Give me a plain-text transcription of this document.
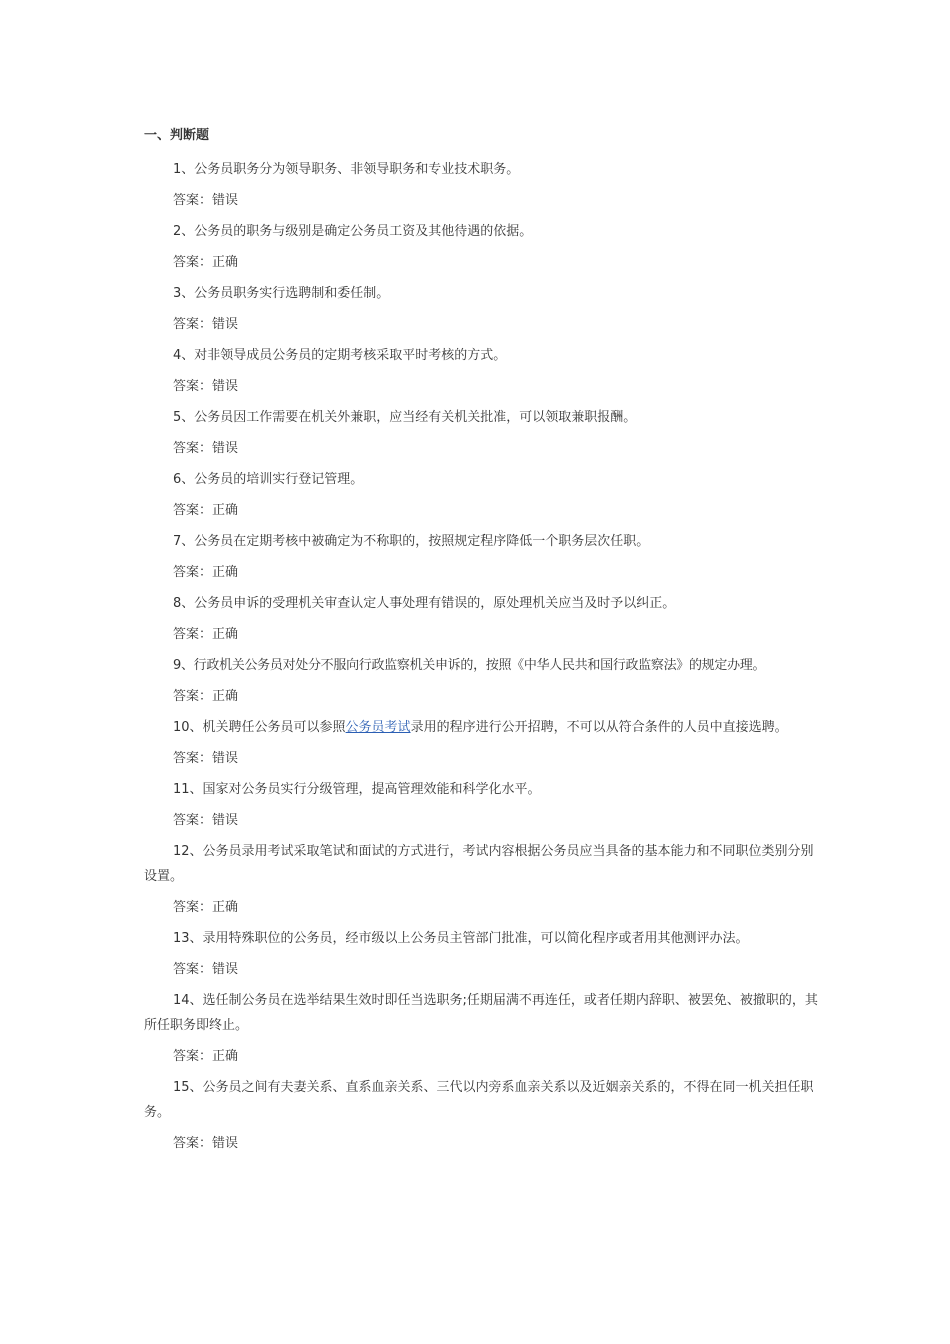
一、判断题

1、公务员职务分为领导职务、非领导职务和专业技术职务。

答案：错误

2、公务员的职务与级别是确定公务员工资及其他待遇的依据。

答案：正确

3、公务员职务实行选聘制和委任制。

答案：错误

4、对非领导成员公务员的定期考核采取平时考核的方式。

答案：错误

5、公务员因工作需要在机关外兼职，应当经有关机关批准，可以领取兼职报酬。

答案：错误

6、公务员的培训实行登记管理。

答案：正确

7、公务员在定期考核中被确定为不称职的，按照规定程序降低一个职务层次任职。

答案：正确

8、公务员申诉的受理机关审查认定人事处理有错误的，原处理机关应当及时予以纠正。

答案：正确

9、行政机关公务员对处分不服向行政监察机关申诉的，按照《中华人民共和国行政监察法》的规定办理。

答案：正确

10、机关聘任公务员可以参照公务员考试录用的程序进行公开招聘，不可以从符合条件的人员中直接选聘。

答案：错误

11、国家对公务员实行分级管理，提高管理效能和科学化水平。

答案：错误

12、公务员录用考试采取笔试和面试的方式进行，考试内容根据公务员应当具备的基本能力和不同职位类别分别设置。

答案：正确

13、录用特殊职位的公务员，经市级以上公务员主管部门批准，可以简化程序或者用其他测评办法。

答案：错误

14、选任制公务员在选举结果生效时即任当选职务;任期届满不再连任，或者任期内辞职、被罢免、被撤职的，其所任职务即终止。

答案：正确

15、公务员之间有夫妻关系、直系血亲关系、三代以内旁系血亲关系以及近姻亲关系的，不得在同一机关担任职务。

答案：错误
